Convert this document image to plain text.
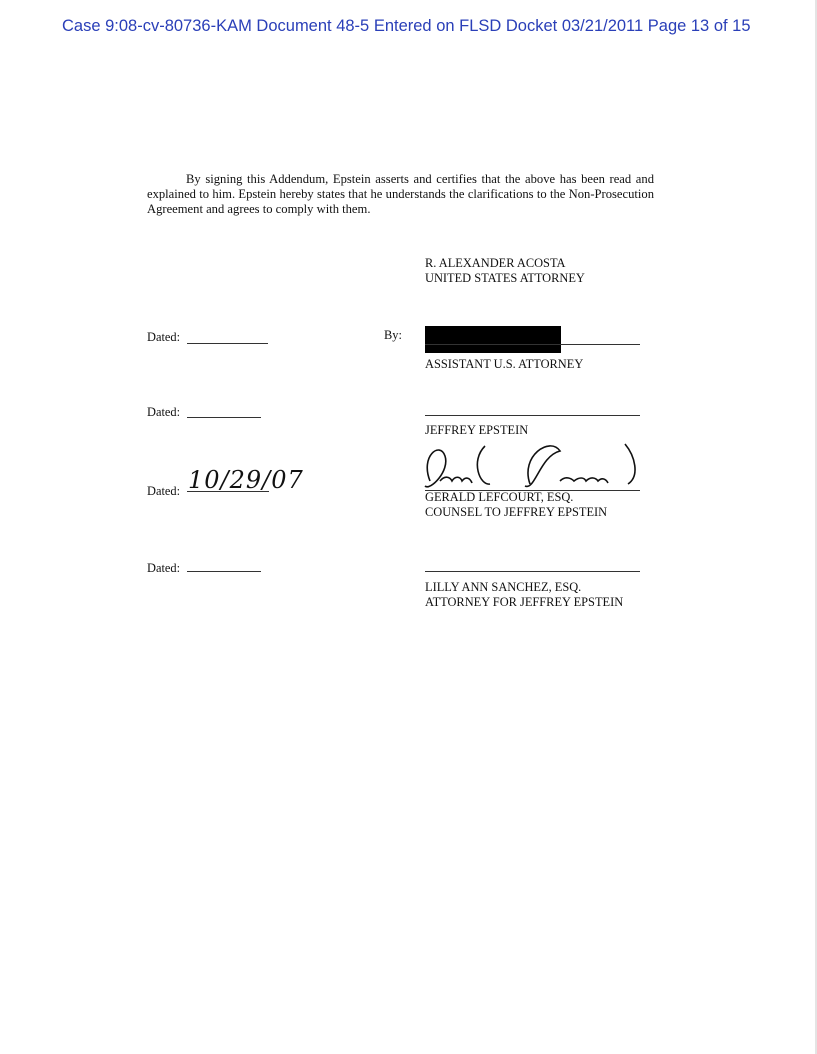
Case 9:08-cv-80736-KAM Document 48-5 Entered on FLSD Docket 03/21/2011 Page 13 of 15

By signing this Addendum, Epstein asserts and certifies that the above has been read and explained to him. Epstein hereby states that he understands the clarifications to the Non-Prosecution Agreement and agrees to comply with them.

R. ALEXANDER ACOSTA
UNITED STATES ATTORNEY
Dated:	By:
ASSISTANT U.S. ATTORNEY
Dated:
JEFFREY EPSTEIN
Dated: 10/29/07
GERALD LEFCOURT, ESQ.
COUNSEL TO JEFFREY EPSTEIN
Dated:
LILLY ANN SANCHEZ, ESQ.
ATTORNEY FOR JEFFREY EPSTEIN
